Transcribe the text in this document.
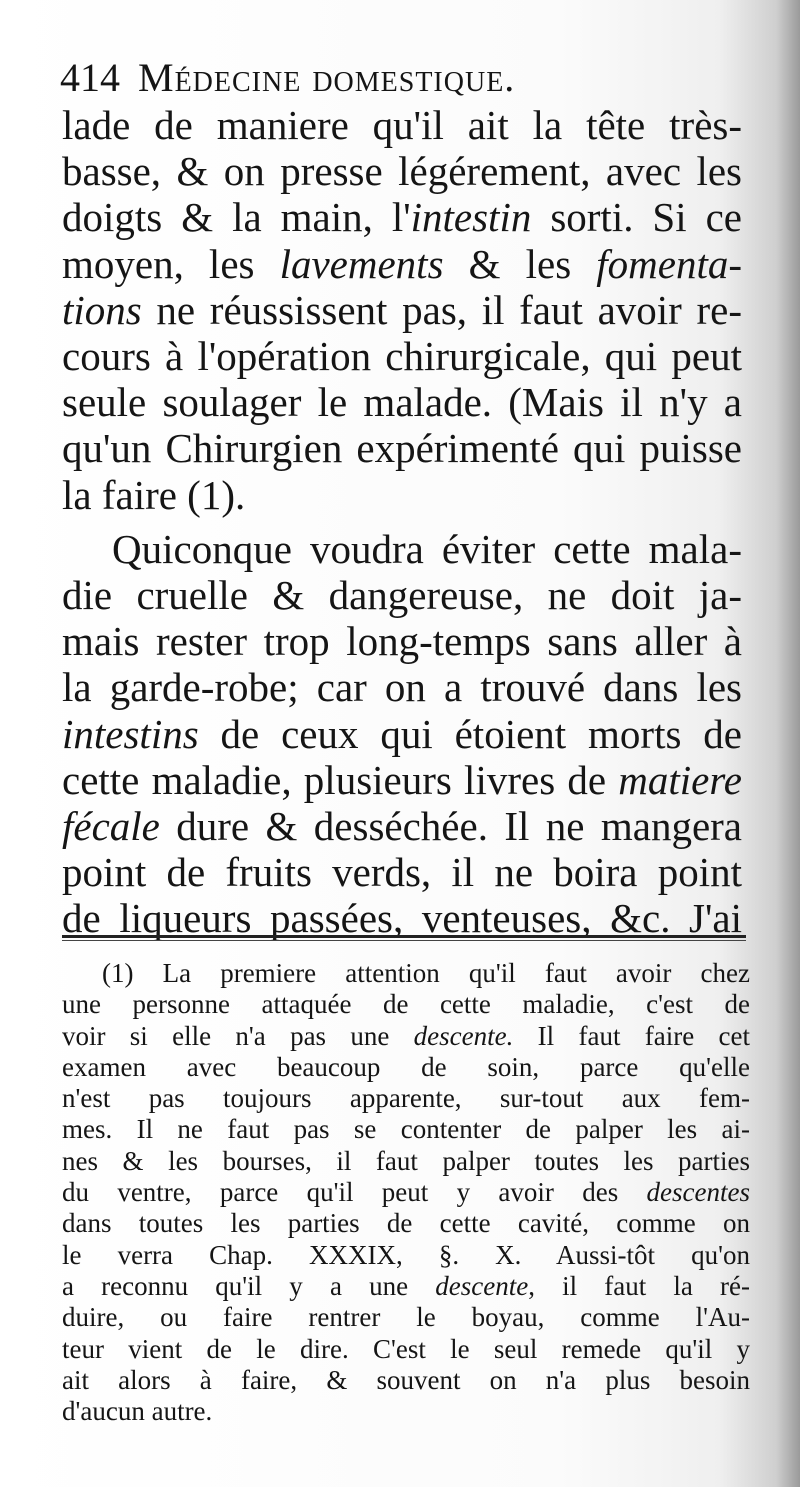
414 Médecine domestique.
lade de maniere qu'il ait la tête très-
basse, & on presse légérement, avec les
doigts & la main, l'intestin sorti. Si ce
moyen, les lavements & les fomenta-
tions ne réussissent pas, il faut avoir re-
cours à l'opération chirurgicale, qui peut
seule soulager le malade. (Mais il n'y a
qu'un Chirurgien expérimenté qui puisse
la faire (1).
Quiconque voudra éviter cette mala-
die cruelle & dangereuse, ne doit ja-
mais rester trop long-temps sans aller à
la garde-robe; car on a trouvé dans les
intestins de ceux qui étoient morts de
cette maladie, plusieurs livres de matiere
fécale dure & desséchée. Il ne mangera
point de fruits verds, il ne boira point
de liqueurs passées, venteuses, &c. J'ai
(1) La premiere attention qu'il faut avoir chez
une personne attaquée de cette maladie, c'est de
voir si elle n'a pas une descente. Il faut faire cet
examen avec beaucoup de soin, parce qu'elle
n'est pas toujours apparente, sur-tout aux fem-
mes. Il ne faut pas se contenter de palper les ai-
nes & les bourses, il faut palper toutes les parties
du ventre, parce qu'il peut y avoir des descentes
dans toutes les parties de cette cavité, comme on
le verra Chap. XXXIX, §. X. Aussi-tôt qu'on
a reconnu qu'il y a une descente, il faut la ré-
duire, ou faire rentrer le boyau, comme l'Au-
teur vient de le dire. C'est le seul remede qu'il y
ait alors à faire, & souvent on n'a plus besoin
d'aucun autre.
